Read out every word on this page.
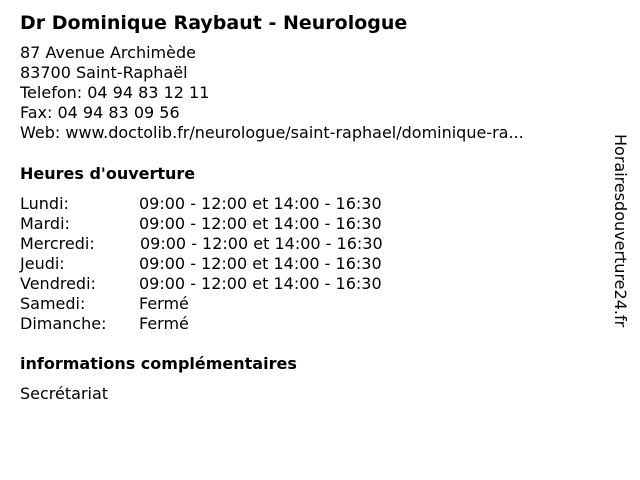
Dr Dominique Raybaut - Neurologue
87 Avenue Archimède
83700 Saint-Raphaël
Telefon: 04 94 83 12 11
Fax: 04 94 83 09 56
Web: www.doctolib.fr/neurologue/saint-raphael/dominique-ra...
Heures d'ouverture
Lundi:	09:00 - 12:00 et 14:00 - 16:30
Mardi:	09:00 - 12:00 et 14:00 - 16:30
Mercredi:	09:00 - 12:00 et 14:00 - 16:30
Jeudi:	09:00 - 12:00 et 14:00 - 16:30
Vendredi:	09:00 - 12:00 et 14:00 - 16:30
Samedi:	Fermé
Dimanche: Fermé
informations complémentaires
Secrétariat
Horairesdouverture24.fr
